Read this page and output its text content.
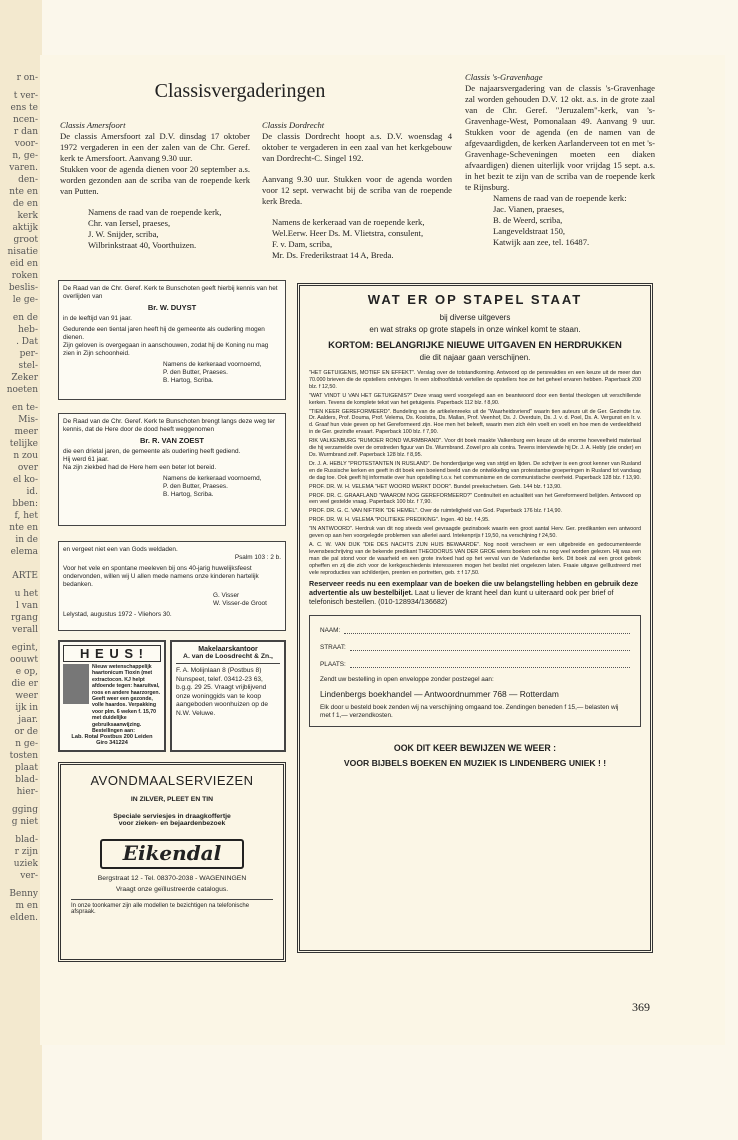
r on-
t ver-
ens te
ncen-
r dan
voor-
n, ge-
varen.
den-
nte en
de en
kerk
aktijk
groot
nisatie
eid en
roken
beslis-
le ge-
en de
heb-
. Dat
per-
stel-
Zeker
noeten
en te-
Mis-
meer
telijke
n zou
over
el ko-
id.
bben:
f, het
nte en
in de
elema
ARTE
u het
l van
rgang
verall
egint,
oouwt
e op,
die er
weer
ijk in
jaar.
or de
n ge-
tosten
plaat
blad-
hier-
gging
g niet
blad-
r zijn
uziek
ver-
Benny
m en
elden.
Classisvergaderingen
Classis Amersfoort
De classis Amersfoort zal D.V. dinsdag 17 oktober 1972 vergaderen in een der zalen van de Chr. Geref. kerk te Amersfoort. Aanvang 9.30 uur.
Stukken voor de agenda dienen voor 20 september a.s. worden gezonden aan de scriba van de roepende kerk van Putten.
Namens de raad van de roepende kerk,
Chr. van Iersel, praeses,
J. W. Snijder, scriba,
Wilbrinkstraat 40, Voorthuizen.
Classis Dordrecht
De classis Dordrecht hoopt a.s. D.V. woensdag 4 oktober te vergaderen in een zaal van het kerkgebouw van Dordrecht-C. Singel 192.
Aanvang 9.30 uur. Stukken voor de agenda worden voor 12 sept. verwacht bij de scriba van de roepende kerk Breda.
Namens de kerkeraad van de roepende kerk,
Wel.Eerw. Heer Ds. M. Vlietstra, consulent,
F. v. Dam, scriba,
Mr. Ds. Frederikstraat 14 A, Breda.
Classis 's-Gravenhage
De najaarsvergadering van de classis 's-Gravenhage zal worden gehouden D.V. 12 okt. a.s. in de grote zaal van de Chr. Geref. "Jeruzalem"-kerk, van 's-Gravenhage-West, Pomonalaan 49. Aanvang 9 uur. Stukken voor de agenda (en de namen van de afgevaardigden, de kerken Aarlanderveen tot en met 's-Gravenhage-Scheveningen moeten een diaken afvaardigen) dienen uiterlijk voor vrijdag 15 sept. a.s. in het bezit te zijn van de scriba van de roepende kerk te Rijnsburg.
Namens de raad van de roepende kerk:
Jac. Vianen, praeses,
B. de Weerd, scriba,
Langeveldstraat 150,
Katwijk aan zee, tel. 16487.
De Raad van de Chr. Geref. Kerk te Bunschoten geeft hierbij kennis van het overlijden van
Br. W. DUYST
in de leeftijd van 91 jaar.
Gedurende een tiental jaren heeft hij de gemeente als ouderling mogen dienen.
Zijn geloven is overgegaan in aanschouwen, zodat hij de Koning nu mag zien in Zijn schoonheid.
Namens de kerkeraad voornoemd,
P. den Butter, Praeses.
B. Hartog, Scriba.
De Raad van de Chr. Geref. Kerk te Bunschoten brengt langs deze weg ter kennis, dat de Here door de dood heeft weggenomen
Br. R. VAN ZOEST
die een drietal jaren, de gemeente als ouderling heeft gediend.
Hij werd 61 jaar.
Na zijn ziekbed had de Here hem een beter lot bereid.
Namens de kerkeraad voornoemd,
P. den Butter, Praeses.
B. Hartog, Scriba.
en vergeet niet een van Gods weldaden.
Psalm 103 : 2 b.
Voor het vele en spontane meeleven bij ons 40-jarig huwelijksfeest ondervonden, willen wij U allen mede namens onze kinderen hartelijk bedanken.
G. Visser
W. Visser-de Groot
Lelystad, augustus 1972 - Vliehors 30.
H E U S !
Nieuw wetenschappelijk haartonicum Tioxin (met extractocon. KJ helpt afdoende tegen: haaruitval, roos en andere haarzorgen. Geeft weer een gezonde, volle haardos. Verpakking voor plm. 6 weken f. 15,70 met duidelijke gebruiksaanwijzing. Bestellingen aan:
Lab. Rotal Postbus 200 Leiden
Giro 341224
Makelaarskantoor
A. van de Loosdrecht & Zn.,
F. A. Molijnlaan 8 (Postbus 8) Nunspeet, telef. 03412-23 63, b.g.g. 29 25. Vraagt vrijblijvend onze woninggids van te koop aangeboden woonhuizen op de N.W. Veluwe.
AVONDMAALSERVIEZEN
IN ZILVER, PLEET EN TIN
Speciale serviesjes in draagkoffertje
voor zieken- en bejaardenbezoek
Eikendal
Bergstraat 12 - Tel. 08370-2038 - WAGENINGEN
Vraagt onze geïllustreerde catalogus.
In onze toonkamer zijn alle modellen te bezichtigen na telefonische afspraak.
WAT ER OP STAPEL STAAT
bij diverse uitgevers
en wat straks op grote stapels in onze winkel komt te staan.
KORTOM: BELANGRIJKE NIEUWE UITGAVEN EN HERDRUKKEN
die dit najaar gaan verschijnen.
"HET GETUIGENIS, MOTIEF EN EFFEKT". Verslag over de totstandkoming. Antwoord op de persreakties en een keuze uit de meer dan 70.000 brieven die de opstellers ontvingen. In een slothoofdstuk vertellen de opstellers hoe ze het geheel ervaren hebben. Paperback 200 blz. f 12,50.
"WAT VINDT U VAN HET GETUIGENIS?" Deze vraag werd voorgelegd aan en beantwoord door een tiental theologen uit verschillende kerken. Tevens de komplete tekst van het getuigenis. Paperback 112 blz. f 8,90.
"TIEN KEER GEREFORMEERD". Bundeling van de artikelenreeks uit de "Waarheidsvriend" waarin tien auteurs uit de Ger. Gezindte t.w. Dr. Aalders, Prof. Douma, Prof. Velema, Ds. Kooistra, Ds. Mallan, Prof. Veenhof, Ds. J. Overduin, Ds. J. v. d. Poel, Ds. A. Vergunst en Ir. v. d. Graaf hun visie geven op het Gereformeerd zijn. Hoe men het beleeft, waarin men zich één voelt en voelt en hoe men de verdeeldheid in de Ger. gezindte ervaart. Paperback 100 blz. f 7,90.
RIK VALKENBURG "RUMOER ROND WURMBRAND". Voor dit boek maakte Valkenburg een keuze uit de enorme hoeveelheid materiaal die hij verzamelde over de omstreden figuur van Ds. Wurmbrand. Zowel pro als contra. Tevens interviewde hij Dr. J. A. Hebly (zie onder) en Ds. Wurmbrand zelf. Paperback 128 blz. f 8,95.
Dr. J. A. HEBLY "PROTESTANTEN IN RUSLAND". De honderdjarige weg van strijd en lijden. De schrijver is een groot kenner van Rusland en de Russische kerken en geeft in dit boek een boeiend beeld van de ontwikkeling van protestantse groeperingen in Rusland tot vandaag de dag toe. Ook geeft hij informatie over hun opstelling t.o.v. het communisme en de communistische overheid. Paperback 128 blz. f 13,90.
PROF. DR. W. H. VELEMA "HET WOORD WERKT DOOR". Bundel preekschetsen. Geb. 144 blz. f 13,90.
PROF. DR. C. GRAAFLAND "WAAROM NOG GEREFORMEERD?" Continuïteit en actualiteit van het Gereformeerd belijden. Antwoord op een veel gestelde vraag. Paperback 100 blz. f 7,90.
PROF. DR. G. C. VAN NIFTRIK "DE HEMEL". Over de ruimteligheid van God. Paperback 176 blz. f 14,90.
PROF. DR. W. H. VELEMA "POLITIEKE PREDIKING". Ingen. 40 blz. f 4,95.
"IN ANTWOORD". Herdruk van dit nog steeds veel gevraagde gezinsboek waarin een groot aantal Herv. Ger. predikanten een antwoord geven op aan hen voorgelegde problemen van allerlei aard. Intekenprijs f 19,50, na verschijning f 24,50.
A. C. W. VAN DIJK "DIE DES NACHTS ZIJN HUIS BEWAARDE". Nog nooit verscheen er een uitgebreide en gedocumenteerde levensbeschrijving van de bekende predikant THEODORUS VAN DER GROE wiens boeken ook nu nog veel worden gelezen. Hij was een man die pal stond voor de waarheid en een grote invloed had op het verval van de Vaderlandse kerk. Dit boek zal een groot gebrek opheffen en zij die zich voor de kerkgeschiedenis interesseren mogen het beslist niet ongelezen laten. Fraaie uitgave geïllustreerd met vele reproducties van schilderijen, prenten en portretten, geb. ± f 17,50.
Reserveer reeds nu een exemplaar van de boeken die uw belangstelling hebben en gebruik deze advertentie als uw bestelbiljet. Laat u liever de krant heel dan kunt u uiteraard ook per brief of telefonisch bestellen. (010-128934/136682)
NAAM:
STRAAT:
PLAATS:
Zendt uw bestelling in open enveloppe zonder postzegel aan:
Lindenbergs boekhandel — Antwoordnummer 768 — Rotterdam
Elk door u besteld boek zenden wij na verschijning omgaand toe. Zendingen beneden f 15,— belasten wij met f 1,— verzendkosten.
OOK DIT KEER BEWIJZEN WE WEER :
VOOR BIJBELS BOEKEN EN MUZIEK IS LINDENBERG UNIEK ! !
369
